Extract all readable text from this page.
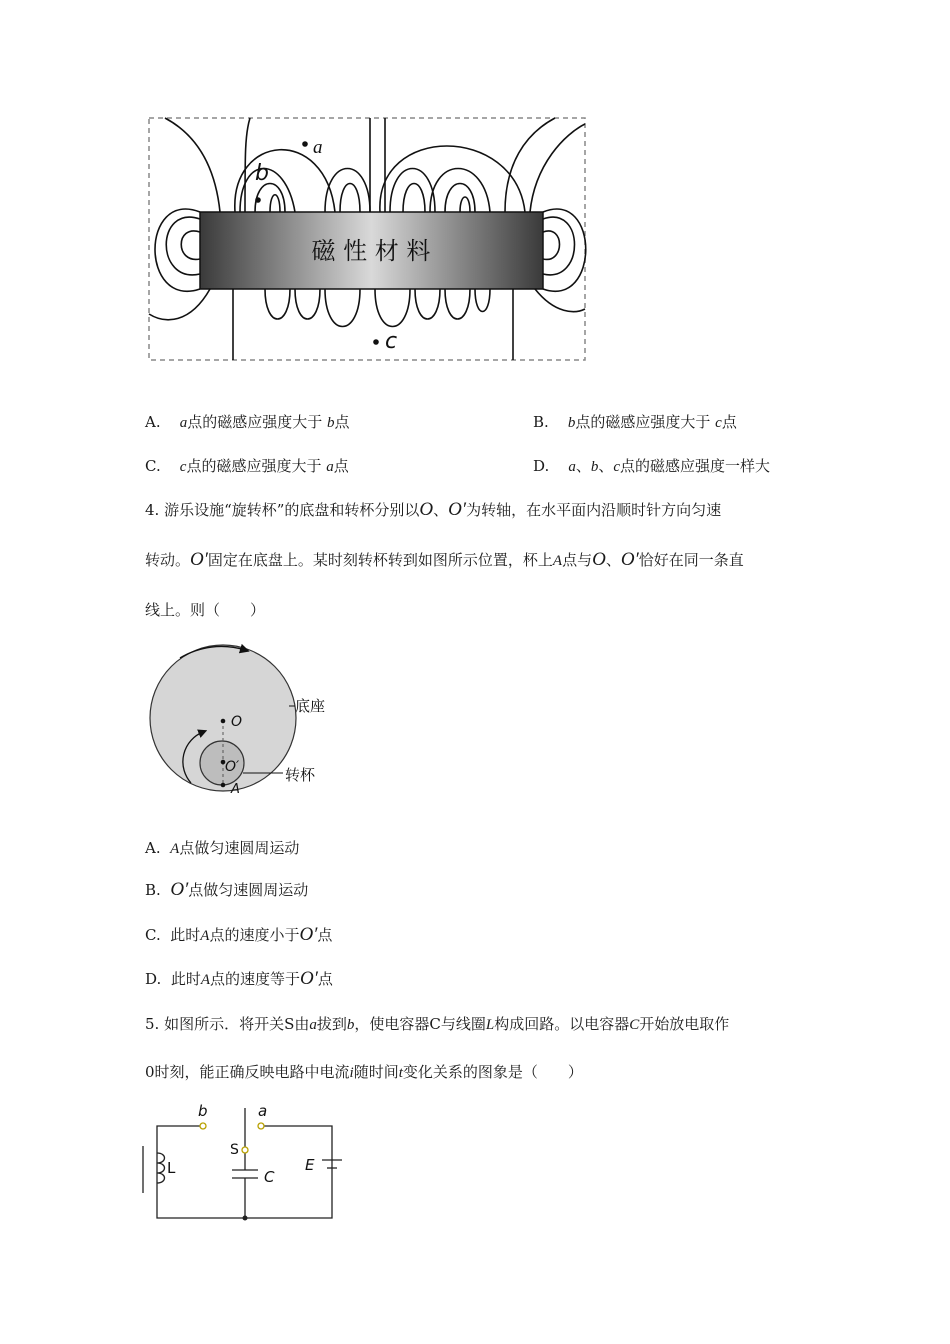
磁 性 材 料
a
b
c
A. a点的磁感应强度大于 b点	B. b点的磁感应强度大于 c点
C. c点的磁感应强度大于 a点	D. a、b、c点的磁感应强度一样大
4. 游乐设施“旋转杯”的底盘和转杯分别以O、O′为转轴，在水平面内沿顺时针方向匀速
转动。O′固定在底盘上。某时刻转杯转到如图所示位置，杯上A点与O、O′恰好在同一条直
线上。则（　　）
O
O′
A
底座
转杯
A. A点做匀速圆周运动
B. O′点做匀速圆周运动
C. 此时A点的速度小于O′点
D. 此时A点的速度等于O′点
5. 如图所示．将开关S由a拔到b，使电容器C与线圈L构成回路。以电容器C开始放电取作
0时刻，能正确反映电路中电流i随时间t变化关系的图象是（　　）
b	a
S
L	C
E
